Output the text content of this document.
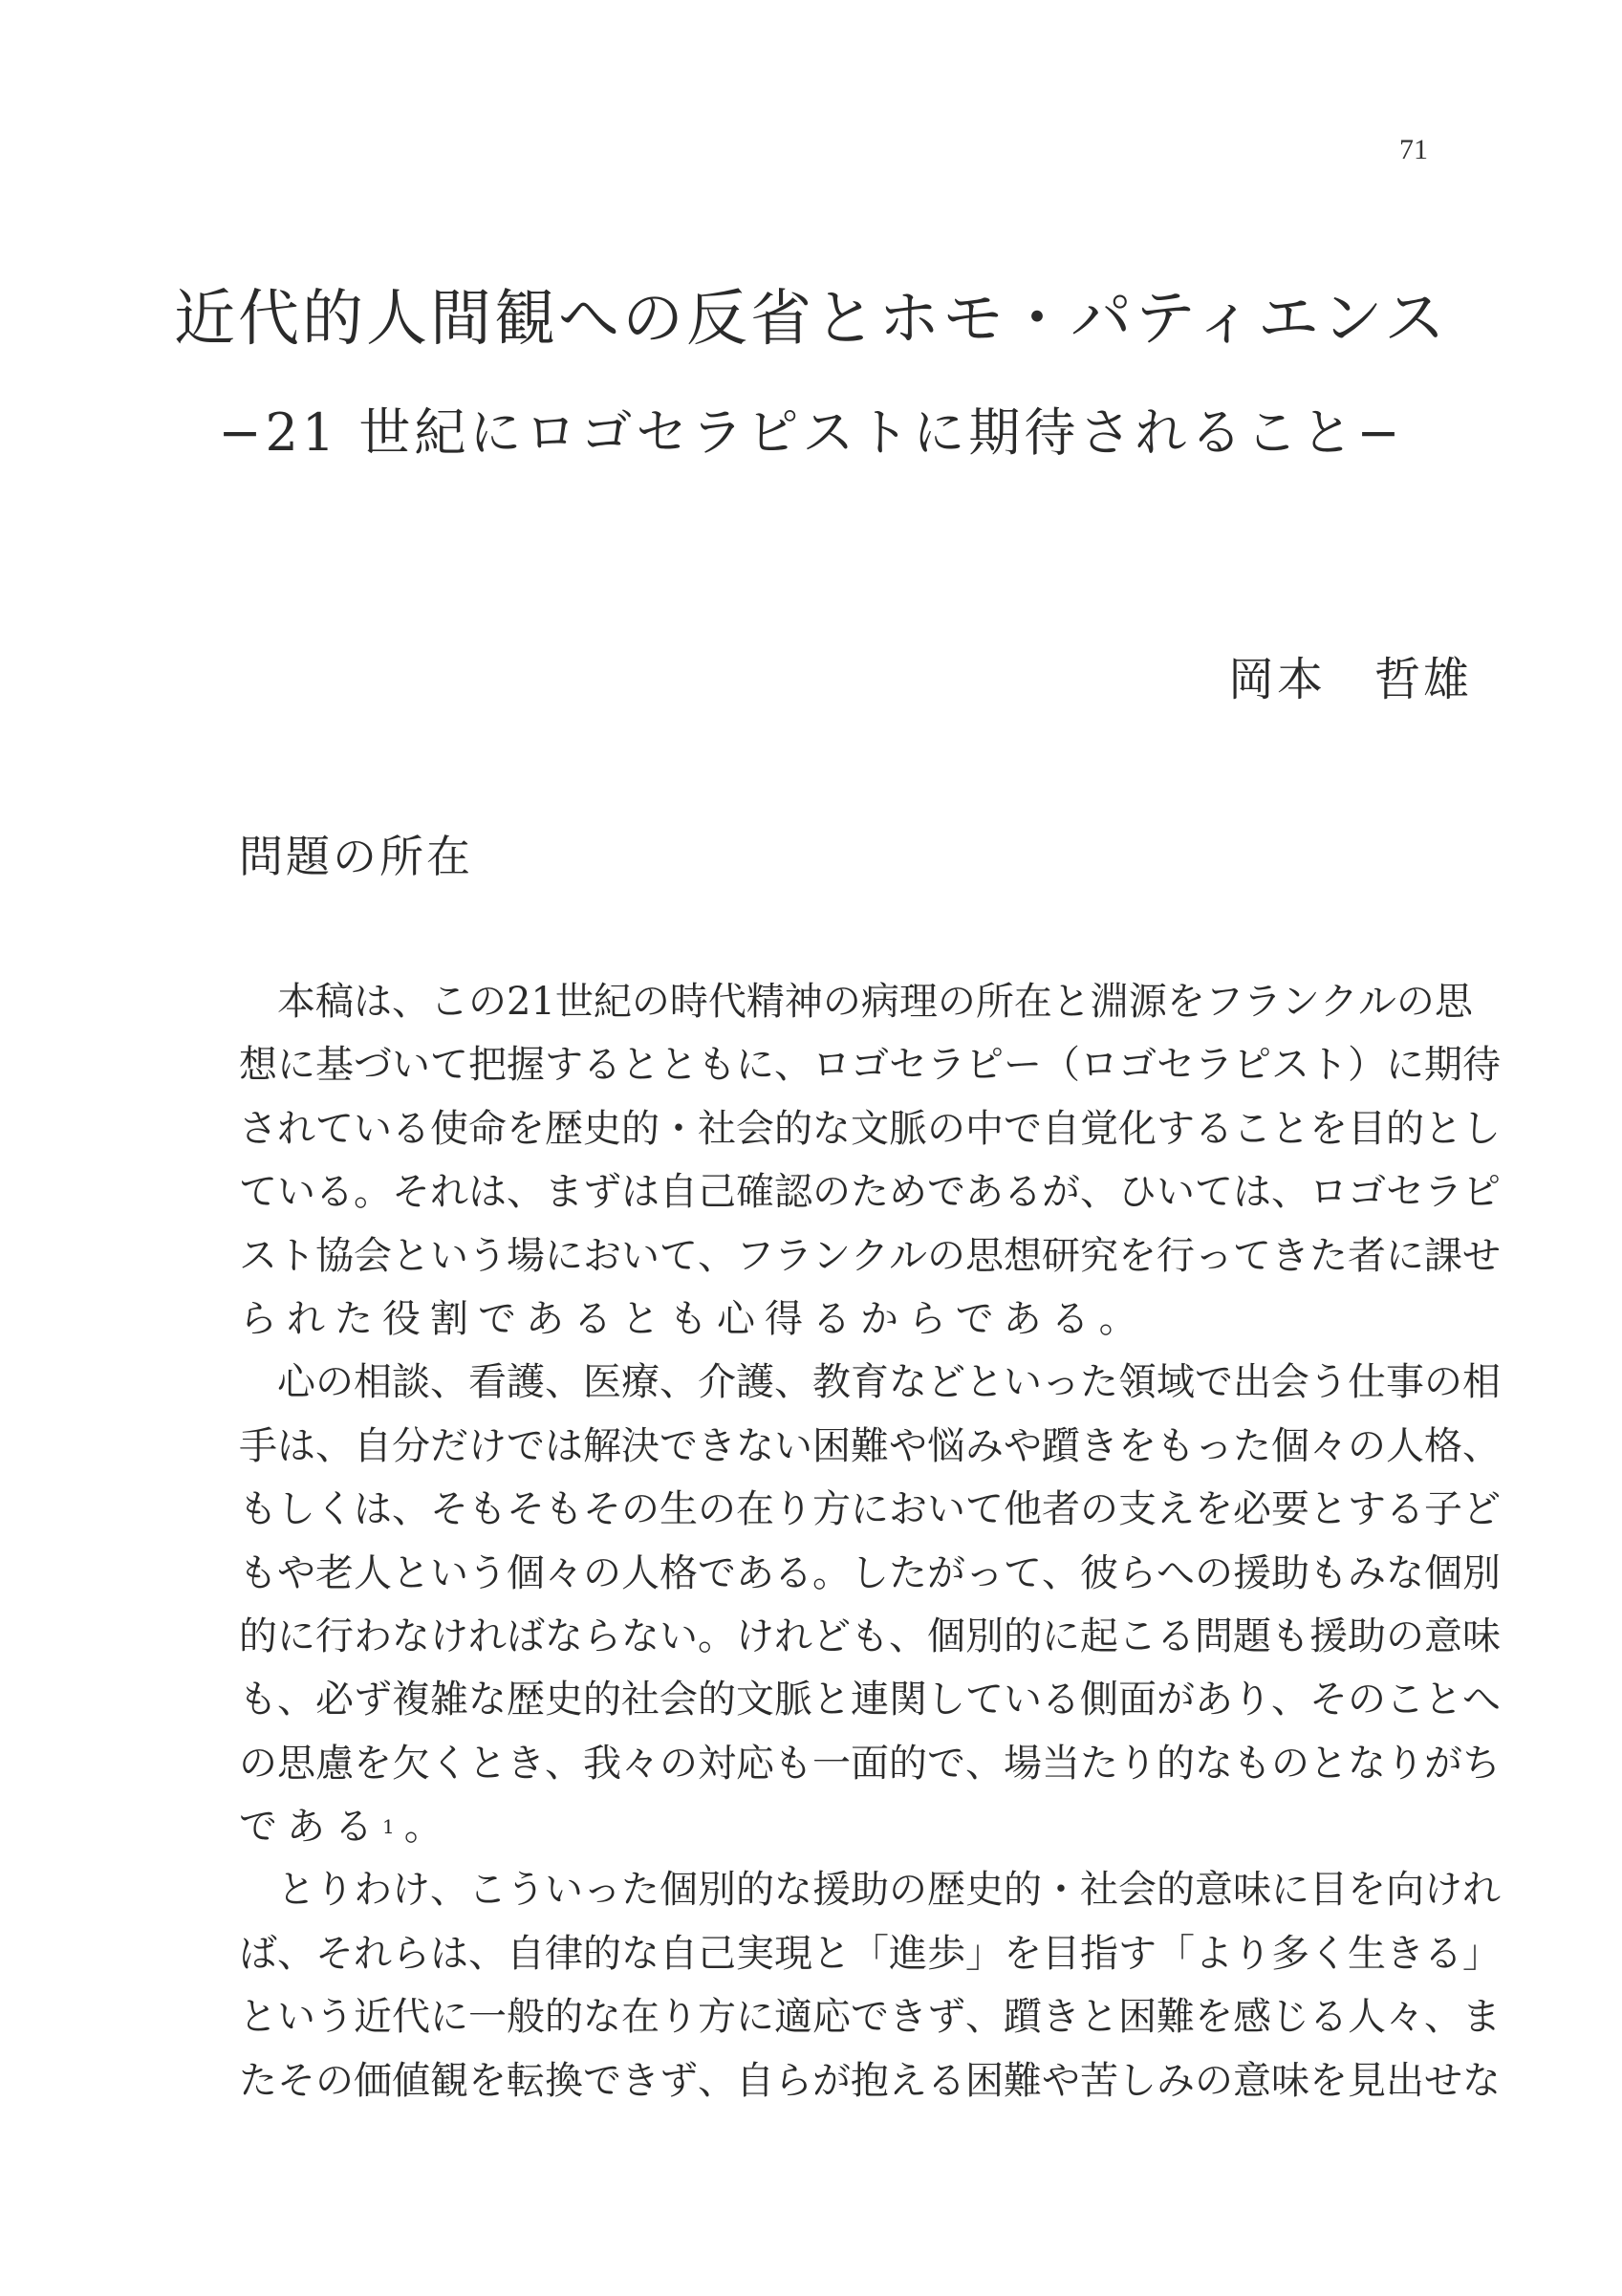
71
近代的人間観への反省とホモ・パティエンス
−21 世紀にロゴセラピストに期待されること−
岡本　哲雄
問題の所在

本 稿 は 、 こ の 21 世 紀 の 時 代 精 神 の 病 理 の 所 在 と 淵 源 を フ ラ ン ク ル の 思
想 に 基 づ い て 把 握 す る と と も に 、 ロ ゴ セ ラ ピ ー （ ロ ゴ セ ラ ピ ス ト ） に 期 待
さ れ て い る 使 命 を 歴 史 的 ・ 社 会 的 な 文 脈 の 中 で 自 覚 化 す る こ と を 目 的 と し
て い る 。 そ れ は 、 ま ず は 自 己 確 認 の た め で あ る が 、 ひ い て は 、 ロ ゴ セ ラ ピ
ス ト 協 会 と い う 場 に お い て 、 フ ラ ン ク ル の 思 想 研 究 を 行 っ て き た 者 に 課 せ
られた役割であるとも心得るからである。

心 の 相 談 、 看 護 、 医 療 、 介 護 、 教 育 な ど と い っ た 領 域 で 出 会 う 仕 事 の 相
手 は 、 自 分 だ け で は 解 決 で き な い 困 難 や 悩 み や 躓 き を も っ た 個 々 の 人 格 、
も し く は 、 そ も そ も そ の 生 の 在 り 方 に お い て 他 者 の 支 え を 必 要 と す る 子 ど
も や 老 人 と い う 個 々 の 人 格 で あ る 。 し た が っ て 、 彼 ら へ の 援 助 も み な 個 別
的 に 行 わ な け れ ば な ら な い 。 け れ ど も 、 個 別 的 に 起 こ る 問 題 も 援 助 の 意 味
も 、 必 ず 複 雑 な 歴 史 的 社 会 的 文 脈 と 連 関 し て い る 側 面 が あ り 、 そ の こ と へ
の 思 慮 を 欠 く と き 、 我 々 の 対 応 も 一 面 的 で 、 場 当 た り 的 な も の と な り が ち
である 1 。

と り わ け 、 こ う い っ た 個 別 的 な 援 助 の 歴 史 的 ・ 社 会 的 意 味 に 目 を 向 け れ
ば 、 そ れ ら は 、 自 律 的 な 自 己 実 現 と 「 進 歩 」 を 目 指 す 「 よ り 多 く 生 き る 」
と い う 近 代 に 一 般 的 な 在 り 方 に 適 応 で き ず 、 躓 き と 困 難 を 感 じ る 人 々 、 ま
た そ の 価 値 観 を 転 換 で き ず 、 自 ら が 抱 え る 困 難 や 苦 し み の 意 味 を 見 出 せ な
